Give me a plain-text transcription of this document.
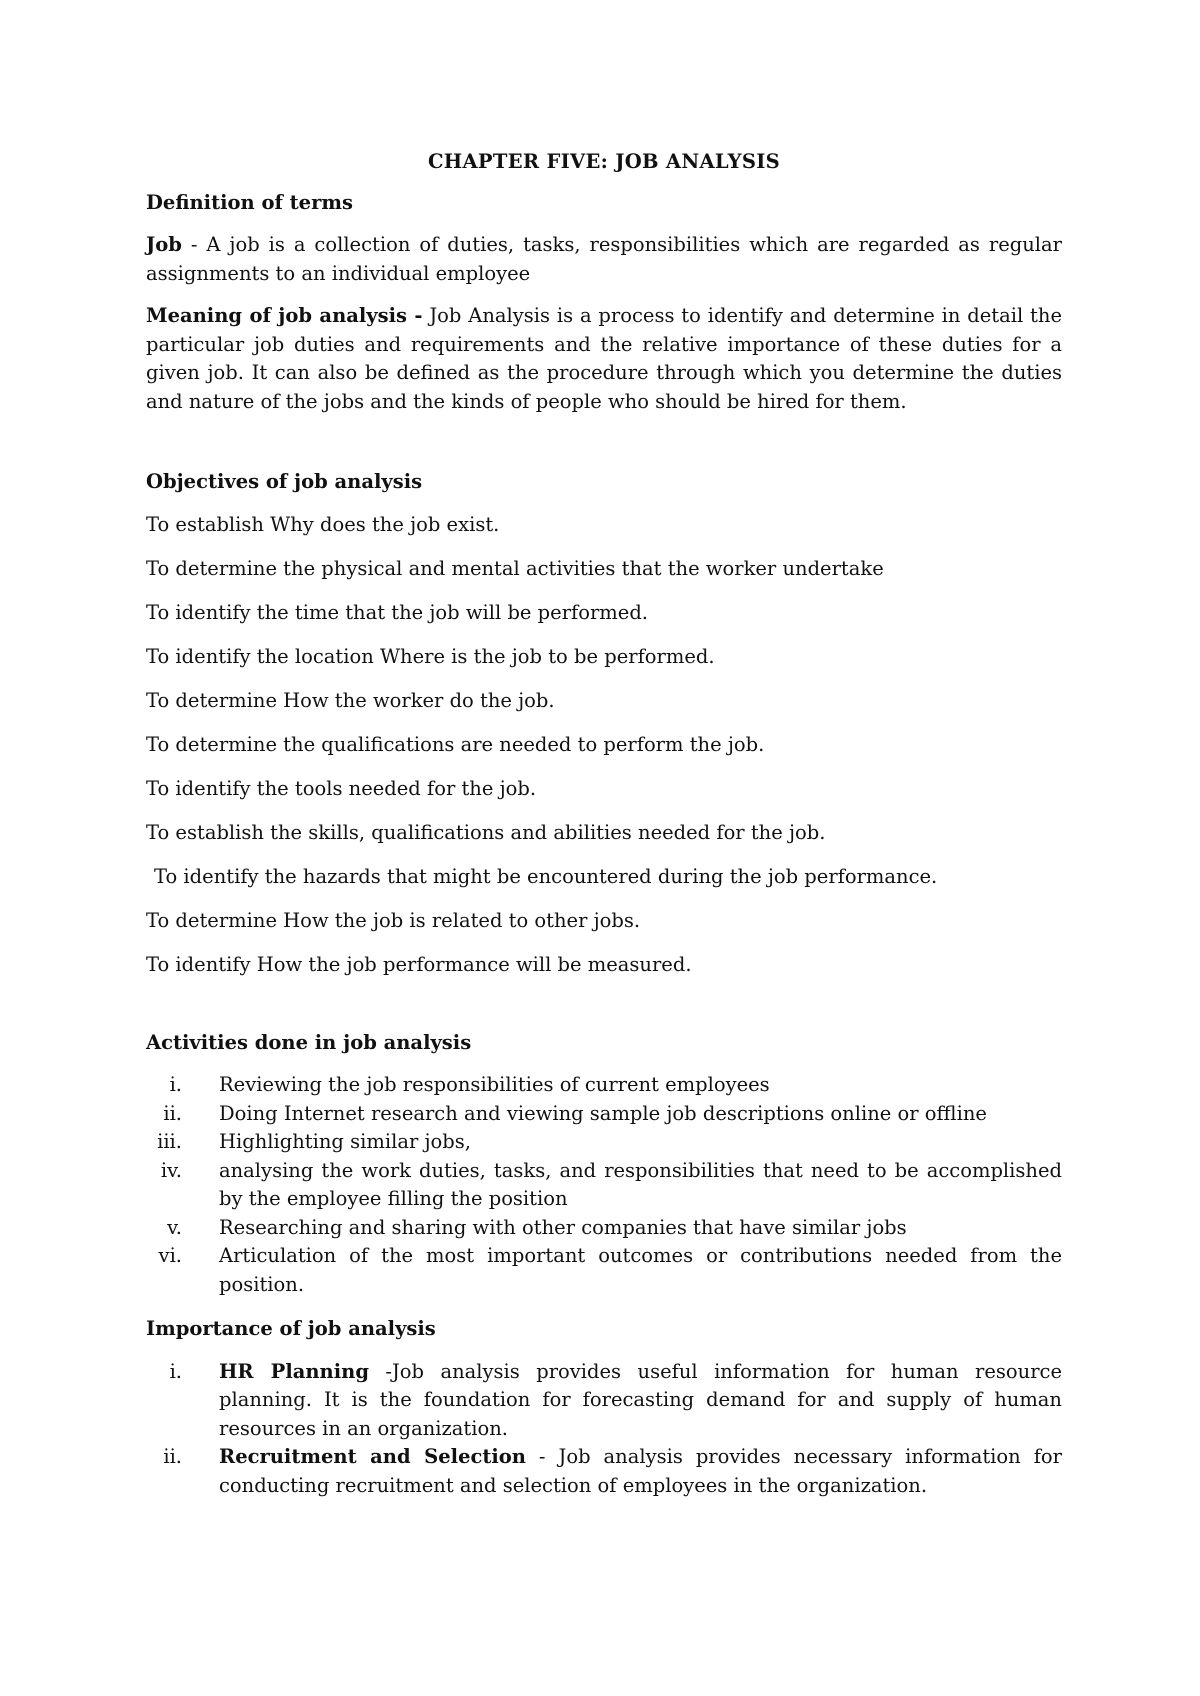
CHAPTER FIVE: JOB ANALYSIS
Definition of terms

Job - A job is a collection of duties, tasks, responsibilities which are regarded as regular assignments to an individual employee

Meaning of job analysis - Job Analysis is a process to identify and determine in detail the particular job duties and requirements and the relative importance of these duties for a given job. It can also be defined as the procedure through which you determine the duties and nature of the jobs and the kinds of people who should be hired for them.

Objectives of job analysis
To establish Why does the job exist.
To determine the physical and mental activities that the worker undertake
To identify the time that the job will be performed.
To identify the location Where is the job to be performed.
To determine How the worker do the job.
To determine the qualifications are needed to perform the job.
To identify the tools needed for the job.
To establish the skills, qualifications and abilities needed for the job.
To identify the hazards that might be encountered during the job performance.
To determine How the job is related to other jobs.
To identify How the job performance will be measured.
Activities done in job analysis
i. Reviewing the job responsibilities of current employees
ii. Doing Internet research and viewing sample job descriptions online or offline
iii. Highlighting similar jobs,
iv. analysing the work duties, tasks, and responsibilities that need to be accomplished by the employee filling the position
v. Researching and sharing with other companies that have similar jobs
vi. Articulation of the most important outcomes or contributions needed from the position.
Importance of job analysis
i. HR Planning -Job analysis provides useful information for human resource planning. It is the foundation for forecasting demand for and supply of human resources in an organization.
ii. Recruitment and Selection - Job analysis provides necessary information for conducting recruitment and selection of employees in the organization.
